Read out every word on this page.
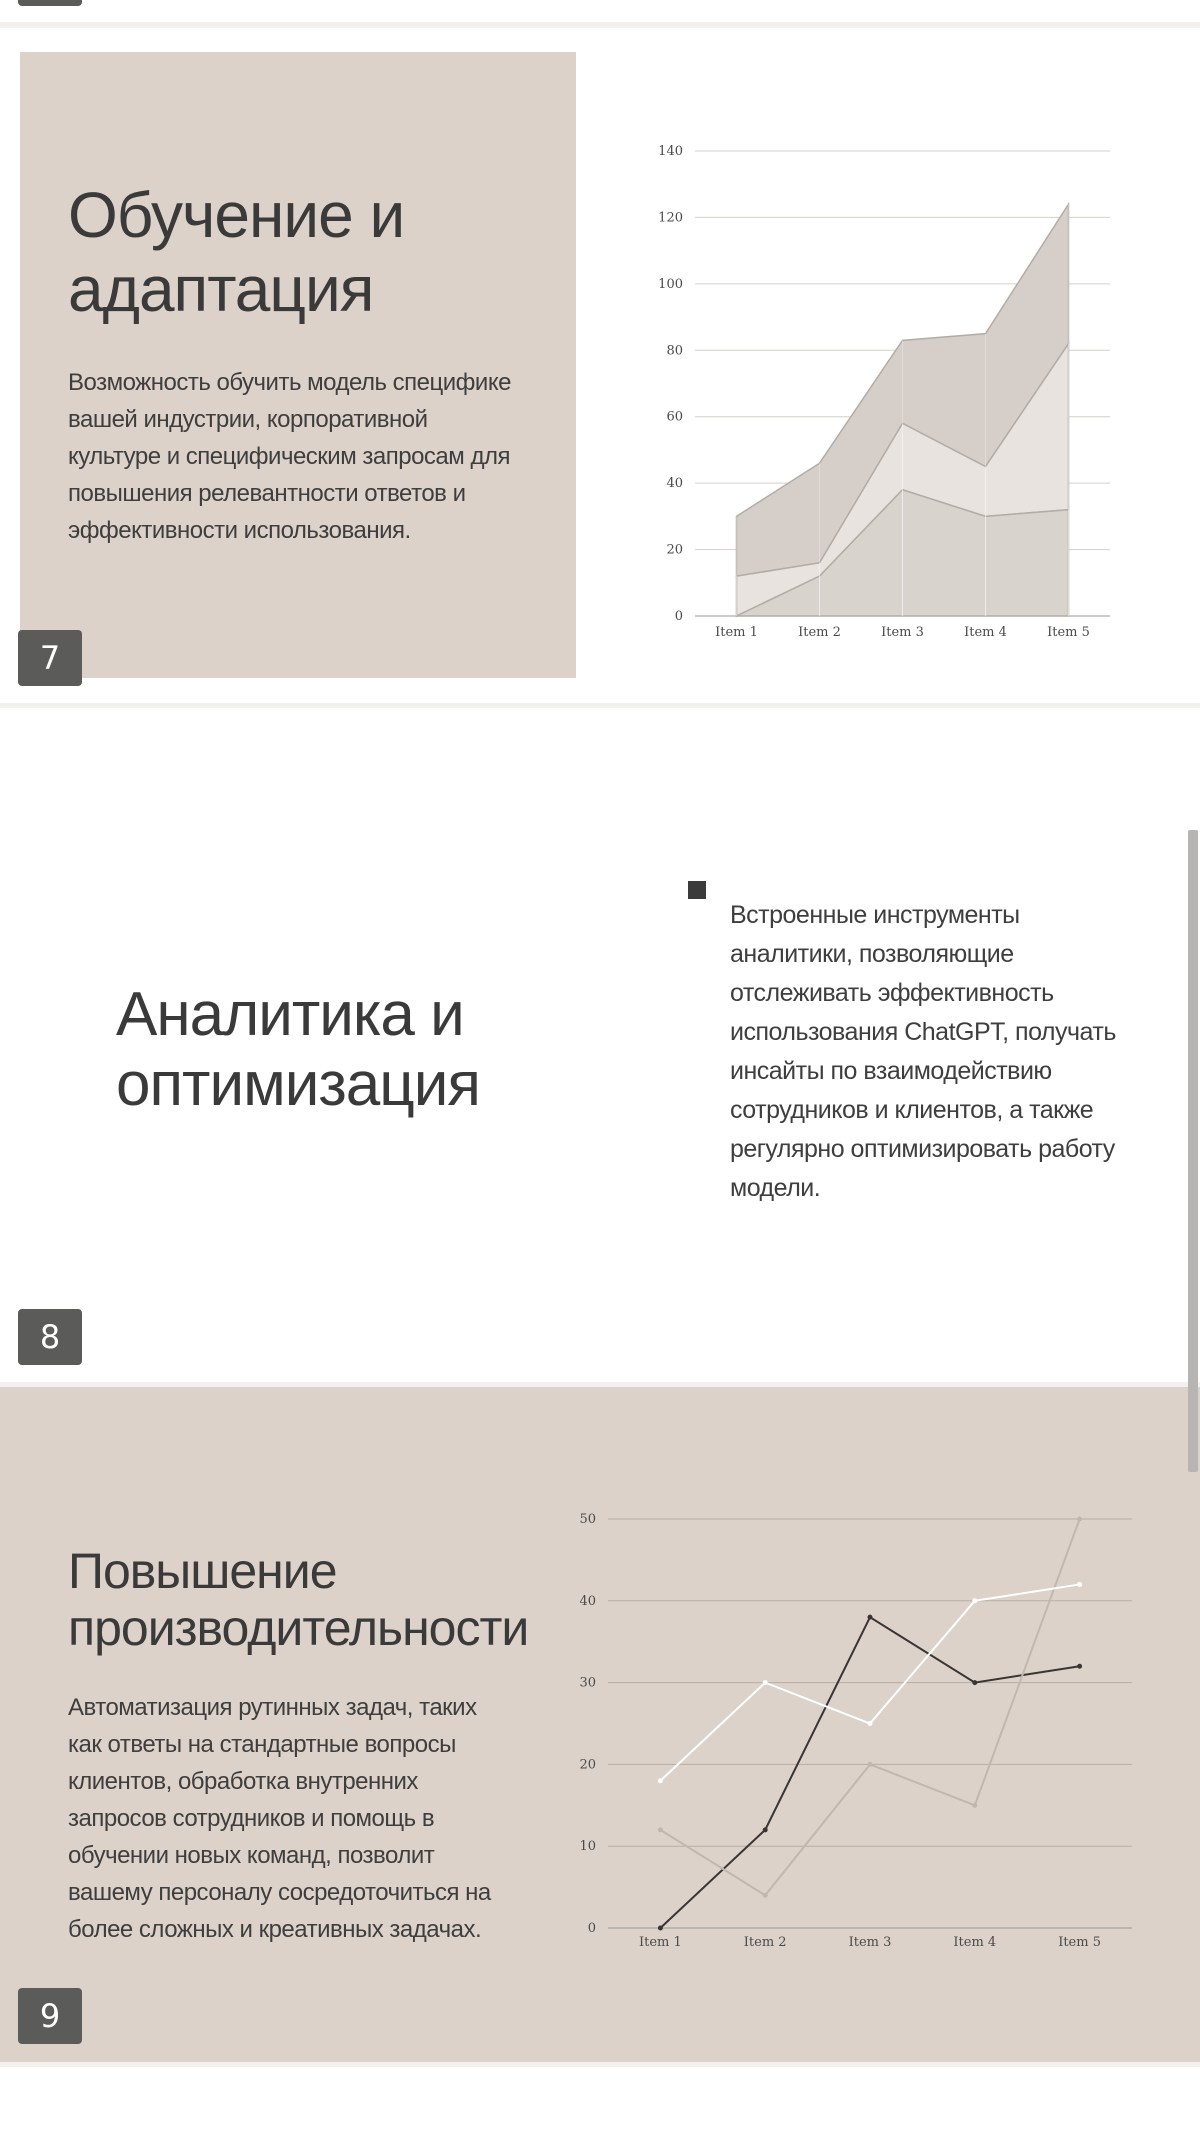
Обучение и
адаптация
Возможность обучить модель специфике
вашей индустрии, корпоративной
культуре и специфическим запросам для
повышения релевантности ответов и
эффективности использования.
0
20
40
60
80
100
120
140
Item 1	Item 2	Item 3	Item 4	Item 5
7
Аналитика и
оптимизация
Встроенные инструменты
аналитики, позволяющие
отслеживать эффективность
использования ChatGPT, получать
инсайты по взаимодействию
сотрудников и клиентов, а также
регулярно оптимизировать работу
модели.
8
Повышение
производительности
Автоматизация рутинных задач, таких
как ответы на стандартные вопросы
клиентов, обработка внутренних
запросов сотрудников и помощь в
обучении новых команд, позволит
вашему персоналу сосредоточиться на
более сложных и креативных задачах.	0
10
20
30
40
50
Item 1	Item 2	Item 3	Item 4	Item 5
9
